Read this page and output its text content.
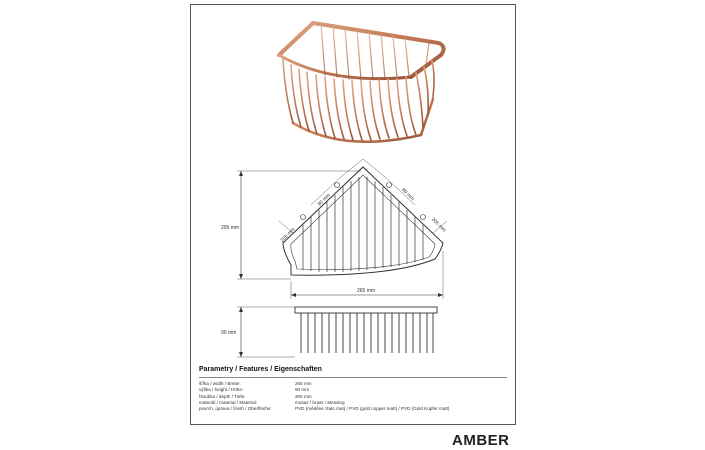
205 mm
265 mm
205 mm
205 mm
80 mm	80 mm
90 mm
Parametry / Features / Eigenschaften
šířka / width / Breite:	265 mm
výška / height / Höhe:	90 mm
hloubka / depth / Tiefe:	205 mm
materiál / material / Material:	mosaz / brass / Messing
povrch, úprava / finish / Oberfläche:	PVD (měděné zlato mat) / PVD (gold copper matt) / PVD (Gold Kupfer matt)
AMBER
